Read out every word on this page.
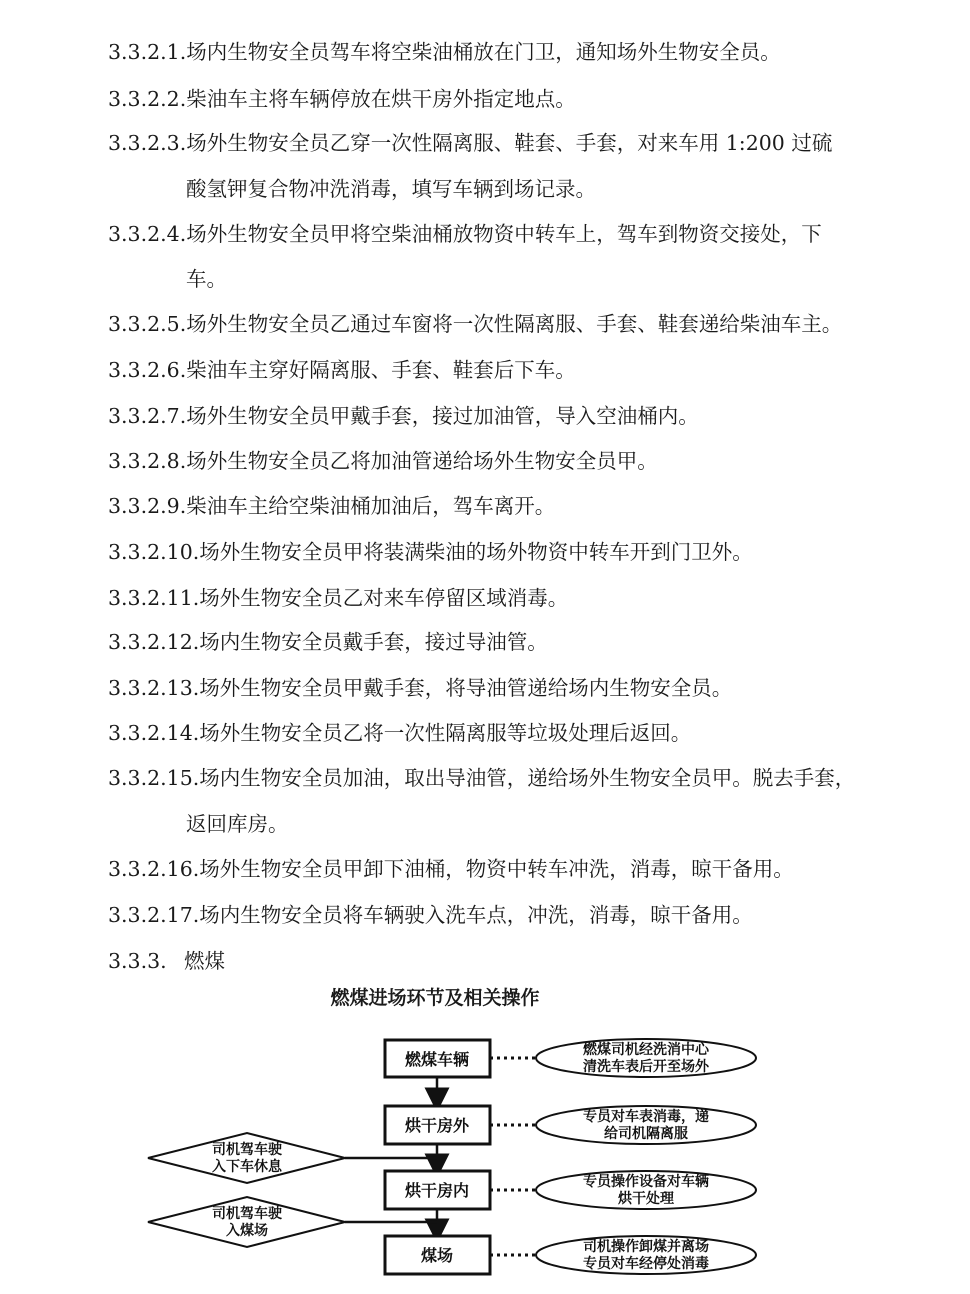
3.3.2.1.场内生物安全员驾车将空柴油桶放在门卫，通知场外生物安全员。
3.3.2.2.柴油车主将车辆停放在烘干房外指定地点。
3.3.2.3.场外生物安全员乙穿一次性隔离服、鞋套、手套，对来车用 1:200 过硫
酸氢钾复合物冲洗消毒，填写车辆到场记录。
3.3.2.4.场外生物安全员甲将空柴油桶放物资中转车上，驾车到物资交接处，下
车。
3.3.2.5.场外生物安全员乙通过车窗将一次性隔离服、手套、鞋套递给柴油车主。
3.3.2.6.柴油车主穿好隔离服、手套、鞋套后下车。
3.3.2.7.场外生物安全员甲戴手套，接过加油管，导入空油桶内。
3.3.2.8.场外生物安全员乙将加油管递给场外生物安全员甲。
3.3.2.9.柴油车主给空柴油桶加油后，驾车离开。
3.3.2.10.场外生物安全员甲将装满柴油的场外物资中转车开到门卫外。
3.3.2.11.场外生物安全员乙对来车停留区域消毒。
3.3.2.12.场内生物安全员戴手套，接过导油管。
3.3.2.13.场外生物安全员甲戴手套，将导油管递给场内生物安全员。
3.3.2.14.场外生物安全员乙将一次性隔离服等垃圾处理后返回。
3.3.2.15.场内生物安全员加油，取出导油管，递给场外生物安全员甲。脱去手套，
返回库房。
3.3.2.16.场外生物安全员甲卸下油桶，物资中转车冲洗，消毒，晾干备用。
3.3.2.17.场内生物安全员将车辆驶入洗车点，冲洗，消毒，晾干备用。
3.3.3. 燃煤
燃煤进场环节及相关操作
燃煤车辆
烘干房外
烘干房内
煤场
燃煤司机经洗消中心
清洗车表后开至场外
专员对车表消毒，递
给司机隔离服
专员操作设备对车辆
烘干处理
司机操作卸煤并离场
专员对车经停处消毒
司机驾车驶
入下车休息
司机驾车驶
入煤场
